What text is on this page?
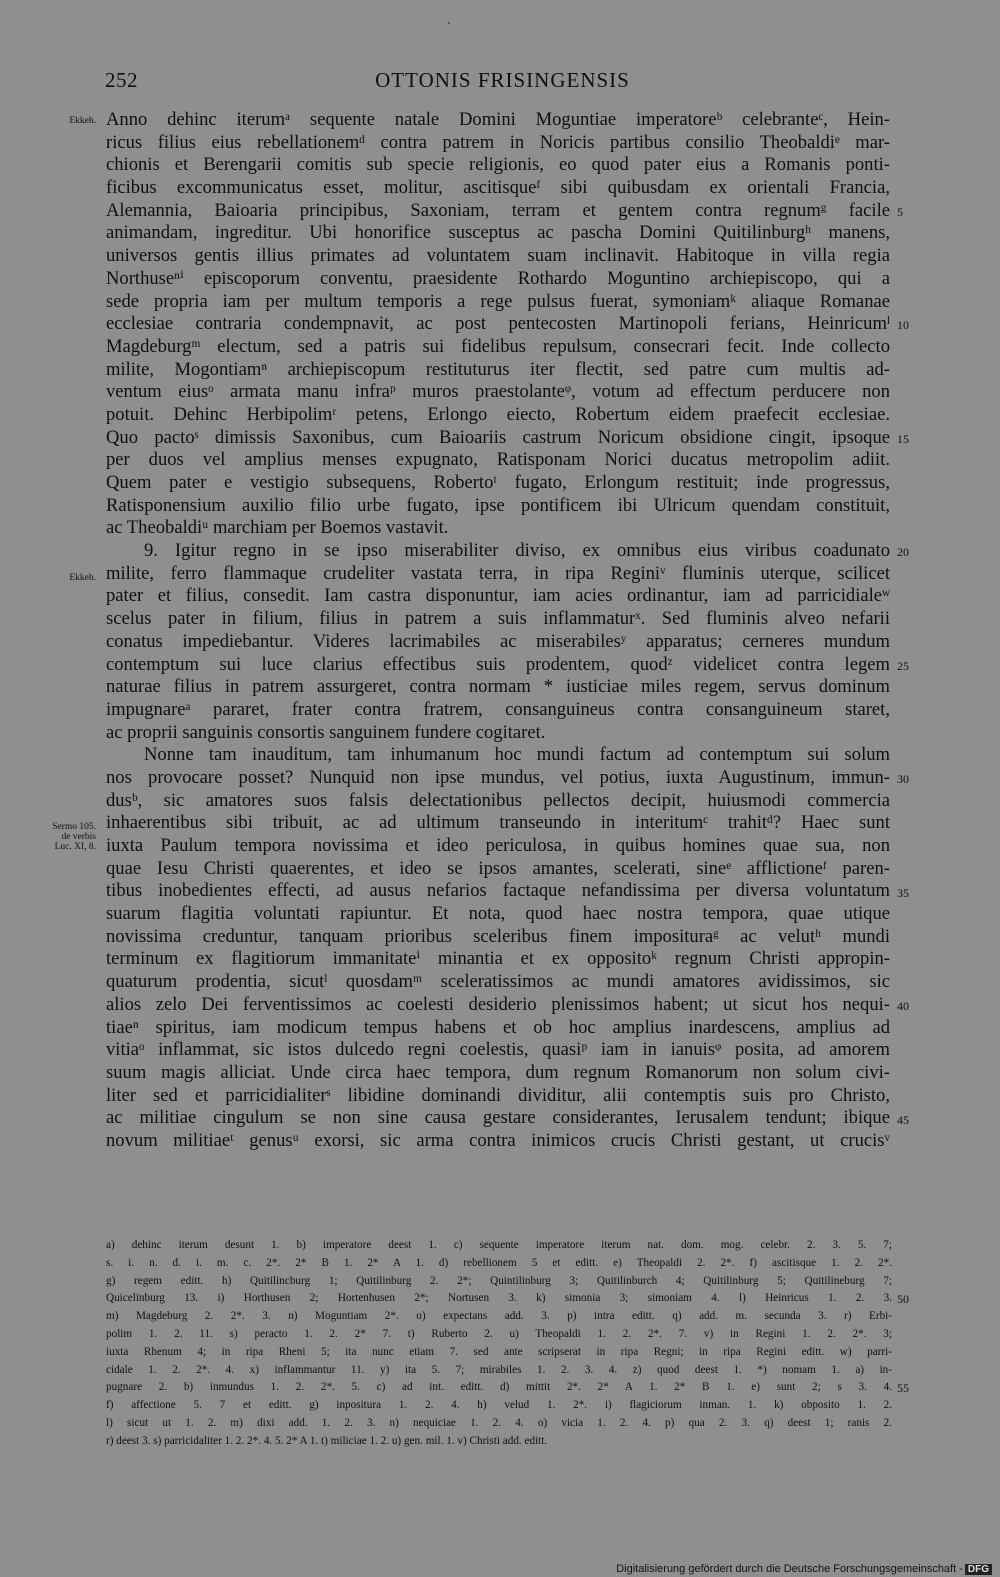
252	OTTONIS FRISINGENSIS
Ekkeh.
Ekkeh.
Sermo 105.
de verbis
Luc. XI, 8.
Anno dehinc iterumᵃ sequente natale Domini Moguntiae imperatoreᵇ celebranteᶜ, Hein-
ricus filius eius rebellationemᵈ contra patrem in Noricis partibus consilio Theobaldiᵉ mar-
chionis et Berengarii comitis sub specie religionis, eo quod pater eius a Romanis ponti-
ficibus excommunicatus esset, molitur, ascitisqueᶠ sibi quibusdam ex orientali Francia,
Alemannia, Baioaria principibus, Saxoniam, terram et gentem contra regnumᵍ facile
animandam, ingreditur. Ubi honorifice susceptus ac pascha Domini Quitilinburgʰ manens,
universos gentis illius primates ad voluntatem suam inclinavit. Habitoque in villa regia
Northuseⁿⁱ episcoporum conventu, praesidente Rothardo Moguntino archiepiscopo, qui a
sede propria iam per multum temporis a rege pulsus fuerat, symoniamᵏ aliaque Romanae
ecclesiae contraria condempnavit, ac post pentecosten Martinopoli ferians, Heinricumˡ
Magdeburgᵐ electum, sed a patris sui fidelibus repulsum, consecrari fecit. Inde collecto
milite, Mogontiamⁿ archiepiscopum restituturus iter flectit, sed patre cum multis ad-
ventum eiusᵒ armata manu infraᵖ muros praestolanteᵠ, votum ad effectum perducere non
potuit. Dehinc Herbipolimʳ petens, Erlongo eiecto, Robertum eidem praefecit ecclesiae.
Quo pactoˢ dimissis Saxonibus, cum Baioariis castrum Noricum obsidione cingit, ipsoque
per duos vel amplius menses expugnato, Ratisponam Norici ducatus metropolim adiit.
Quem pater e vestigio subsequens, Robertoᵗ fugato, Erlongum restituit; inde progressus,
Ratisponensium auxilio filio urbe fugato, ipse pontificem ibi Ulricum quendam constituit,
ac Theobaldiᵘ marchiam per Boemos vastavit.
9. Igitur regno in se ipso miserabiliter diviso, ex omnibus eius viribus coadunato
milite, ferro flammaque crudeliter vastata terra, in ripa Reginiᵛ fluminis uterque, scilicet
pater et filius, consedit. Iam castra disponuntur, iam acies ordinantur, iam ad parricidialeʷ
scelus pater in filium, filius in patrem a suis inflammaturˣ. Sed fluminis alveo nefarii
conatus impediebantur. Videres lacrimabiles ac miserabilesʸ apparatus; cerneres mundum
contemptum sui luce clarius effectibus suis prodentem, quodᶻ videlicet contra legem
naturae filius in patrem assurgeret, contra normam * iusticiae miles regem, servus dominum
impugnareᵃ pararet, frater contra fratrem, consanguineus contra consanguineum staret,
ac proprii sanguinis consortis sanguinem fundere cogitaret.
Nonne tam inauditum, tam inhumanum hoc mundi factum ad contemptum sui solum
nos provocare posset? Nunquid non ipse mundus, vel potius, iuxta Augustinum, immun-
dusᵇ, sic amatores suos falsis delectationibus pellectos decipit, huiusmodi commercia
inhaerentibus sibi tribuit, ac ad ultimum transeundo in interitumᶜ trahitᵈ? Haec sunt
iuxta Paulum tempora novissima et ideo periculosa, in quibus homines quae sua, non
quae Iesu Christi quaerentes, et ideo se ipsos amantes, scelerati, sineᵉ afflictioneᶠ paren-
tibus inobedientes effecti, ad ausus nefarios factaque nefandissima per diversa voluntatum
suarum flagitia voluntati rapiuntur. Et nota, quod haec nostra tempora, quae utique
novissima creduntur, tanquam prioribus sceleribus finem impositurаᵍ ac velutʰ mundi
terminum ex flagitiorum immanitateⁱ minantia et ex oppositoᵏ regnum Christi appropin-
quaturum prodentia, sicutˡ quosdamᵐ sceleratissimos ac mundi amatores avidissimos, sic
alios zelo Dei ferventissimos ac coelesti desiderio plenissimos habent; ut sicut hos nequi-
tiaeⁿ spiritus, iam modicum tempus habens et ob hoc amplius inardescens, amplius ad
vitiaᵒ inflammat, sic istos dulcedo regni coelestis, quasiᵖ iam in ianuisᵠ posita, ad amorem
suum magis alliciat. Unde circa haec tempora, dum regnum Romanorum non solum civi-
liter sed et parricidialiterˢ libidine dominandi dividitur, alii contemptis suis pro Christo,
ac militiae cingulum se non sine causa gestare considerantes, Ierusalem tendunt; ibique
novum militiaeᵗ genusᵘ exorsi, sic arma contra inimicos crucis Christi gestant, ut crucisᵛ
5
10
15
20
25
30
35
40
45
50
55
a) dehinc iterum desunt 1. b) imperatore deest 1. c) sequente imperatore iterum nat. dom. mog. celebr. 2. 3. 5. 7;
s. i. n. d. i. m. c. 2*. 2* B 1. 2* A 1. d) rebellionem 5 et editt. e) Theopaldi 2. 2*. f) ascitisque 1. 2. 2*.
g) regem editt. h) Quitilincburg 1; Quitilinburg 2. 2*; Quintilinburg 3; Quitilinburch 4; Quitilinburg 5; Quitilineburg 7;
Quicelinburg 13. i) Horthusen 2; Hortenhusen 2*; Nortusen 3. k) simonia 3; simoniam 4. l) Heinricus 1. 2. 3.
m) Magdeburg 2. 2*. 3. n) Moguntiam 2*. o) expectans add. 3. p) intra editt. q) add. m. secunda 3. r) Erbi-
polim 1. 2. 11. s) peracto 1. 2. 2* 7. t) Ruberto 2. u) Theopaldi 1. 2. 2*. 7. v) in Regini 1. 2. 2*. 3;
iuxta Rhenum 4; in ripa Rheni 5; ita nunc etiam 7. sed ante scripserat in ripa Regni; in ripa Regini editt. w) parri-
cidale 1. 2. 2*. 4. x) inflammantur 11. y) ita 5. 7; mirabiles 1. 2. 3. 4. z) quod deest 1. *) nomam 1. a) in-
pugnare 2. b) inmundus 1. 2. 2*. 5. c) ad int. editt. d) mittit 2*. 2* A 1. 2* B 1. e) sunt 2; s 3. 4.
f) affectione 5. 7 et editt. g) inpositura 1. 2. 4. h) velud 1. 2*. i) flagiciorum inman. 1. k) obposito 1. 2.
l) sicut ut 1. 2. m) dixi add. 1. 2. 3. n) nequiciae 1. 2. 4. o) vicia 1. 2. 4. p) qua 2. 3. q) deest 1; ranis 2.
r) deest 3. s) parricidaliter 1. 2. 2*. 4. 5. 2* A 1. t) miliciae 1. 2. u) gen. mil. 1. v) Christi add. editt.
Digitalisierung gefördert durch die Deutsche Forschungsgemeinschaft - DFG
